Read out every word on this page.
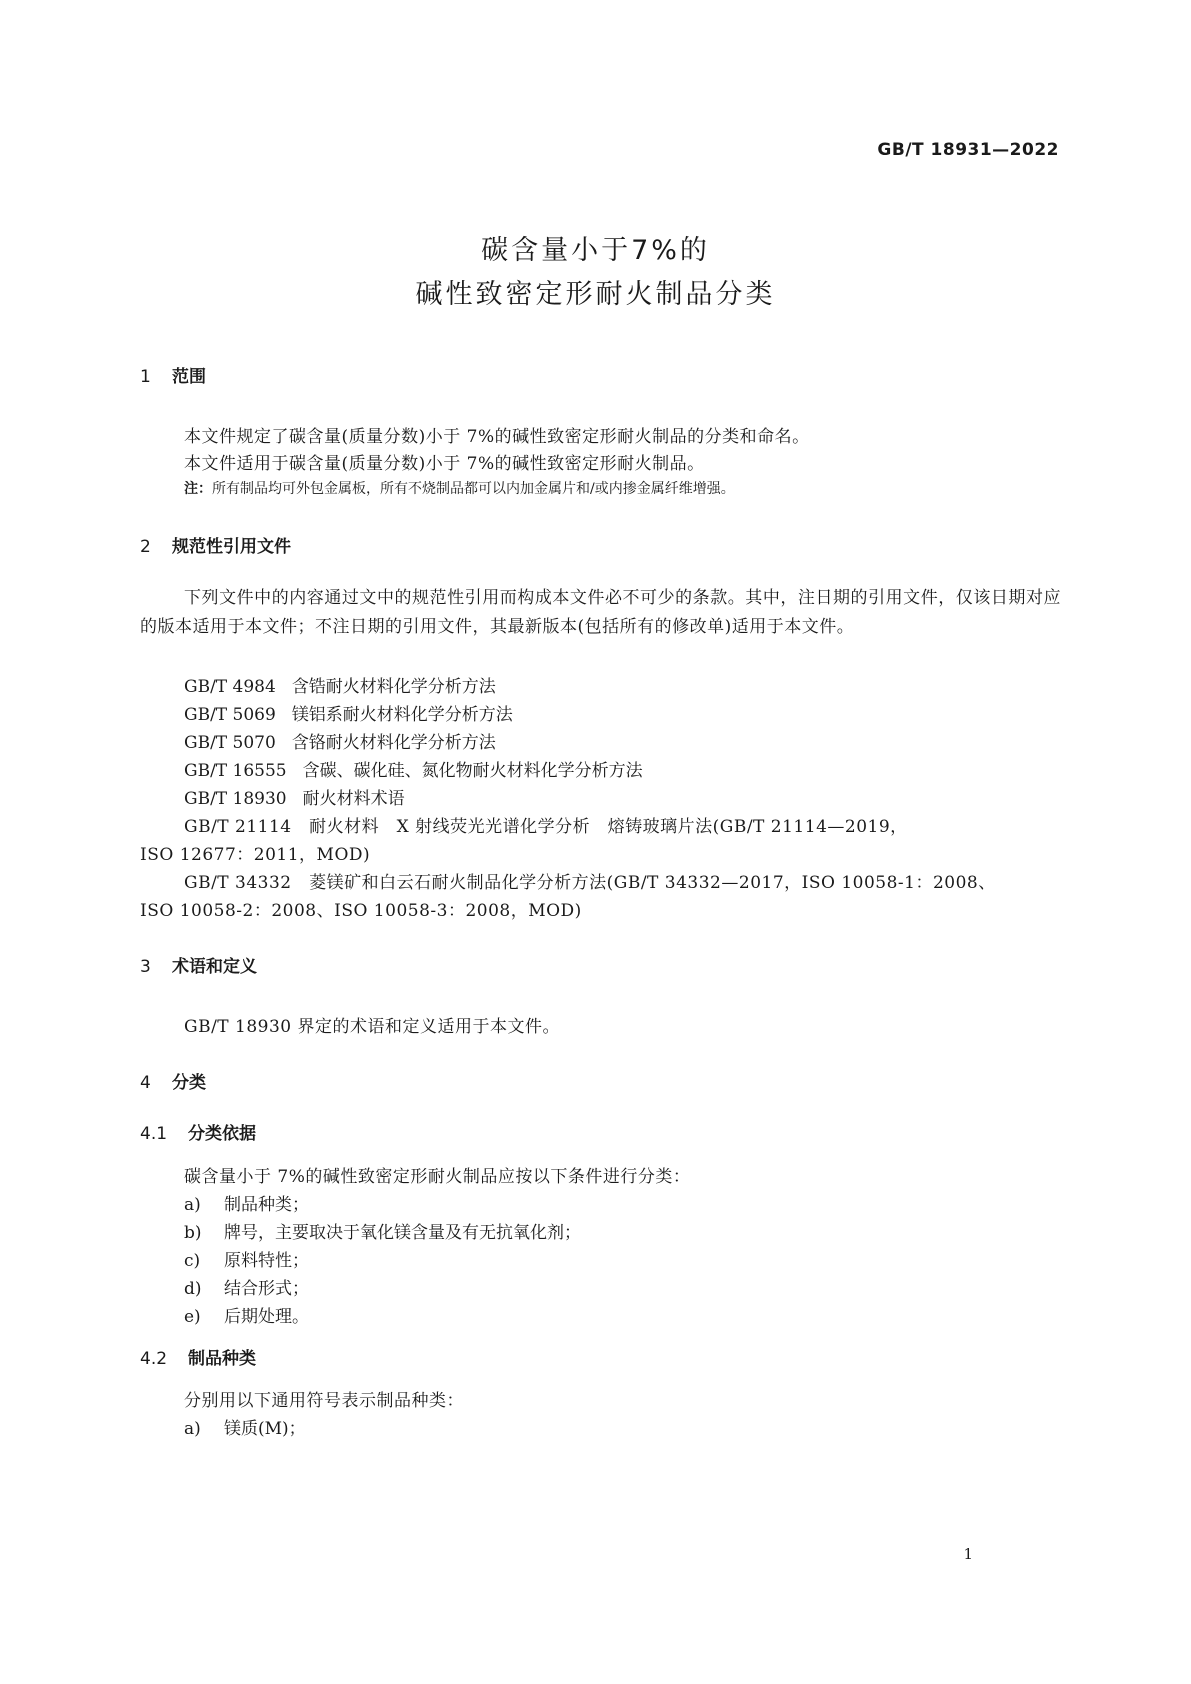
GB/T 18931—2022
碳含量小于7%的
碱性致密定形耐火制品分类
1 范围
本文件规定了碳含量(质量分数)小于 7%的碱性致密定形耐火制品的分类和命名。
本文件适用于碳含量(质量分数)小于 7%的碱性致密定形耐火制品。
注：所有制品均可外包金属板，所有不烧制品都可以内加金属片和/或内掺金属纤维增强。
2 规范性引用文件
下列文件中的内容通过文中的规范性引用而构成本文件必不可少的条款。其中，注日期的引用文件，仅该日期对应的版本适用于本文件；不注日期的引用文件，其最新版本(包括所有的修改单)适用于本文件。
GB/T 4984 含锆耐火材料化学分析方法
GB/T 5069 镁铝系耐火材料化学分析方法
GB/T 5070 含铬耐火材料化学分析方法
GB/T 16555 含碳、碳化硅、氮化物耐火材料化学分析方法
GB/T 18930 耐火材料术语
GB/T 21114　耐火材料　X 射线荧光光谱化学分析　熔铸玻璃片法(GB/T 21114—2019，
ISO 12677：2011，MOD)
GB/T 34332　菱镁矿和白云石耐火制品化学分析方法(GB/T 34332—2017，ISO 10058-1：2008、
ISO 10058-2：2008、ISO 10058-3：2008，MOD)
3 术语和定义
GB/T 18930 界定的术语和定义适用于本文件。
4 分类
4.1 分类依据
碳含量小于 7%的碱性致密定形耐火制品应按以下条件进行分类：
a) 制品种类；
b) 牌号，主要取决于氧化镁含量及有无抗氧化剂；
c) 原料特性；
d) 结合形式；
e) 后期处理。
4.2 制品种类
分别用以下通用符号表示制品种类：
a) 镁质(M)；
1
